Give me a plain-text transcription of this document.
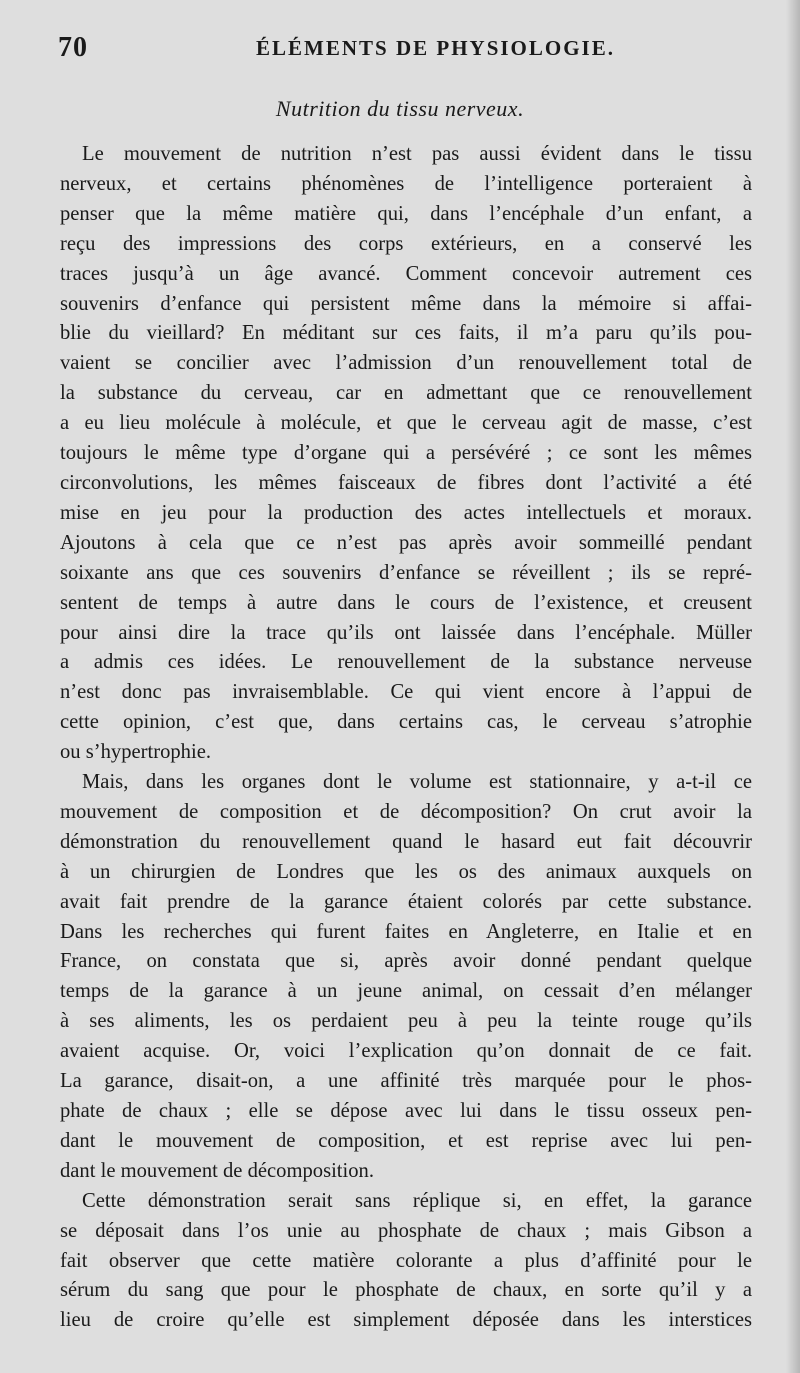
70	ÉLÉMENTS DE PHYSIOLOGIE.
Nutrition du tissu nerveux.

Le mouvement de nutrition n’est pas aussi évident dans le tissu
nerveux, et certains phénomènes de l’intelligence porteraient à
penser que la même matière qui, dans l’encéphale d’un enfant, a
reçu des impressions des corps extérieurs, en a conservé les
traces jusqu’à un âge avancé. Comment concevoir autrement ces
souvenirs d’enfance qui persistent même dans la mémoire si affai-
blie du vieillard? En méditant sur ces faits, il m’a paru qu’ils pou-
vaient se concilier avec l’admission d’un renouvellement total de
la substance du cerveau, car en admettant que ce renouvellement
a eu lieu molécule à molécule, et que le cerveau agit de masse, c’est
toujours le même type d’organe qui a persévéré ; ce sont les mêmes
circonvolutions, les mêmes faisceaux de fibres dont l’activité a été
mise en jeu pour la production des actes intellectuels et moraux.
Ajoutons à cela que ce n’est pas après avoir sommeillé pendant
soixante ans que ces souvenirs d’enfance se réveillent ; ils se repré-
sentent de temps à autre dans le cours de l’existence, et creusent
pour ainsi dire la trace qu’ils ont laissée dans l’encéphale. Müller
a admis ces idées. Le renouvellement de la substance nerveuse
n’est donc pas invraisemblable. Ce qui vient encore à l’appui de
cette opinion, c’est que, dans certains cas, le cerveau s’atrophie
ou s’hypertrophie.

Mais, dans les organes dont le volume est stationnaire, y a-t-il ce
mouvement de composition et de décomposition? On crut avoir la
démonstration du renouvellement quand le hasard eut fait découvrir
à un chirurgien de Londres que les os des animaux auxquels on
avait fait prendre de la garance étaient colorés par cette substance.
Dans les recherches qui furent faites en Angleterre, en Italie et en
France, on constata que si, après avoir donné pendant quelque
temps de la garance à un jeune animal, on cessait d’en mélanger
à ses aliments, les os perdaient peu à peu la teinte rouge qu’ils
avaient acquise. Or, voici l’explication qu’on donnait de ce fait.
La garance, disait-on, a une affinité très marquée pour le phos-
phate de chaux ; elle se dépose avec lui dans le tissu osseux pen-
dant le mouvement de composition, et est reprise avec lui pen-
dant le mouvement de décomposition.

Cette démonstration serait sans réplique si, en effet, la garance
se déposait dans l’os unie au phosphate de chaux ; mais Gibson a
fait observer que cette matière colorante a plus d’affinité pour le
sérum du sang que pour le phosphate de chaux, en sorte qu’il y a
lieu de croire qu’elle est simplement déposée dans les interstices
